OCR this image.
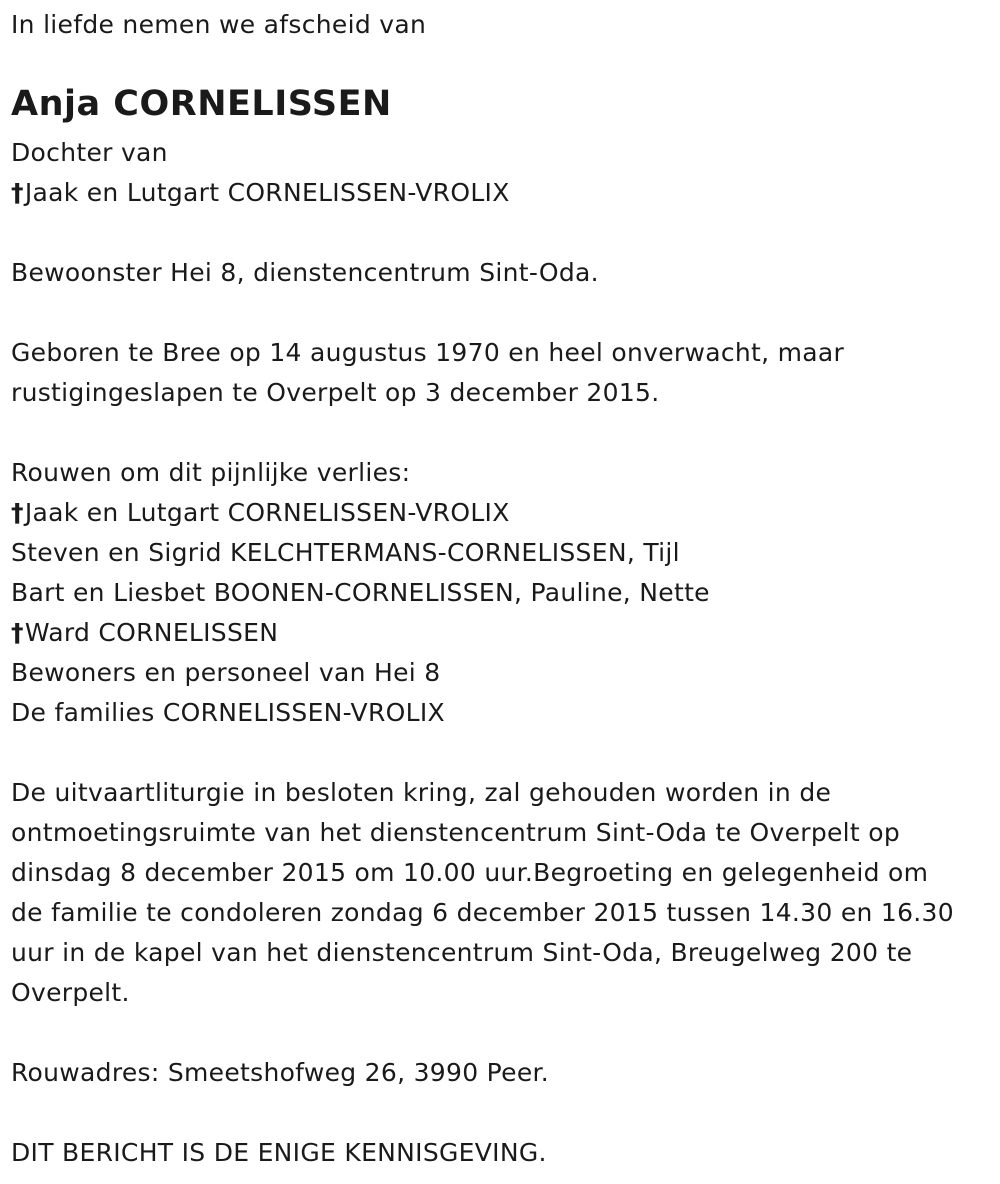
In liefde nemen we afscheid van
Anja CORNELISSEN
Dochter van
†Jaak en Lutgart CORNELISSEN-VROLIX
Bewoonster Hei 8, dienstencentrum Sint-Oda.
Geboren te Bree op 14 augustus 1970 en heel onverwacht, maar
rustigingeslapen te Overpelt op 3 december 2015.
Rouwen om dit pijnlijke verlies:
†Jaak en Lutgart CORNELISSEN-VROLIX
Steven en Sigrid KELCHTERMANS-CORNELISSEN, Tijl
Bart en Liesbet BOONEN-CORNELISSEN, Pauline, Nette
†Ward CORNELISSEN
Bewoners en personeel van Hei 8
De families CORNELISSEN-VROLIX
De uitvaartliturgie in besloten kring, zal gehouden worden in de
ontmoetingsruimte van het dienstencentrum Sint-Oda te Overpelt op
dinsdag 8 december 2015 om 10.00 uur.Begroeting en gelegenheid om
de familie te condoleren zondag 6 december 2015 tussen 14.30 en 16.30
uur in de kapel van het dienstencentrum Sint-Oda, Breugelweg 200 te
Overpelt.
Rouwadres: Smeetshofweg 26, 3990 Peer.
DIT BERICHT IS DE ENIGE KENNISGEVING.
